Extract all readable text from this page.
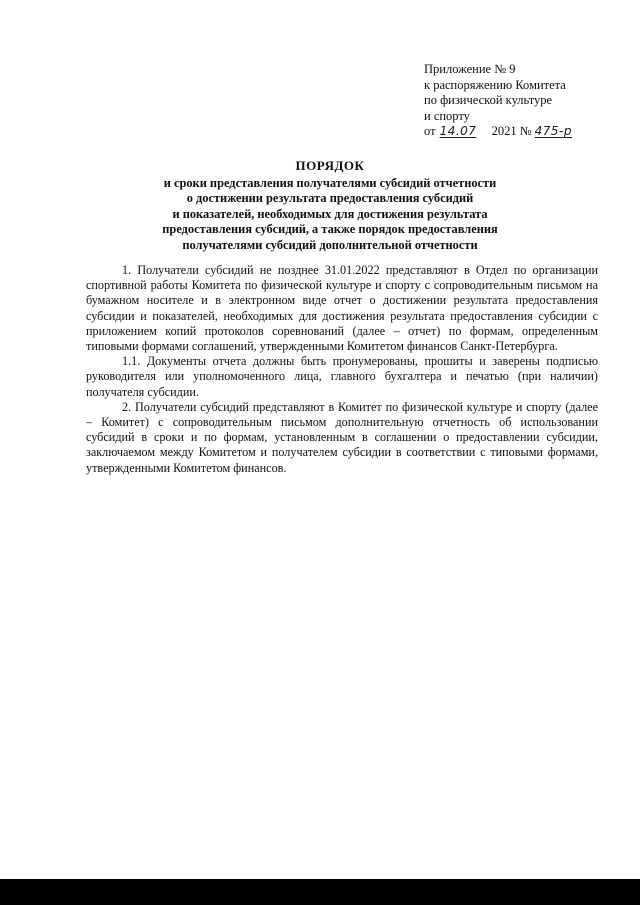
Приложение № 9
к распоряжению Комитета
по физической культуре
и спорту
от 14.07 2021 № 475-р
ПОРЯДОК
и сроки представления получателями субсидий отчетности
о достижении результата предоставления субсидий
и показателей, необходимых для достижения результата
предоставления субсидий, а также порядок предоставления
получателями субсидий дополнительной отчетности

1. Получатели субсидий не позднее 31.01.2022 представляют в Отдел по организации спортивной работы Комитета по физической культуре и спорту с сопроводительным письмом на бумажном носителе и в электронном виде отчет о достижении результата предоставления субсидии и показателей, необходимых для достижения результата предоставления субсидии с приложением копий протоколов соревнований (далее – отчет) по формам, определенным типовыми формами соглашений, утвержденными Комитетом финансов Санкт-Петербурга.

1.1. Документы отчета должны быть пронумерованы, прошиты и заверены подписью руководителя или уполномоченного лица, главного бухгалтера и печатью (при наличии) получателя субсидии.

2. Получатели субсидий представляют в Комитет по физической культуре и спорту (далее – Комитет) с сопроводительным письмом дополнительную отчетность об использовании субсидий в сроки и по формам, установленным в соглашении о предоставлении субсидии, заключаемом между Комитетом и получателем субсидии в соответствии с типовыми формами, утвержденными Комитетом финансов.
